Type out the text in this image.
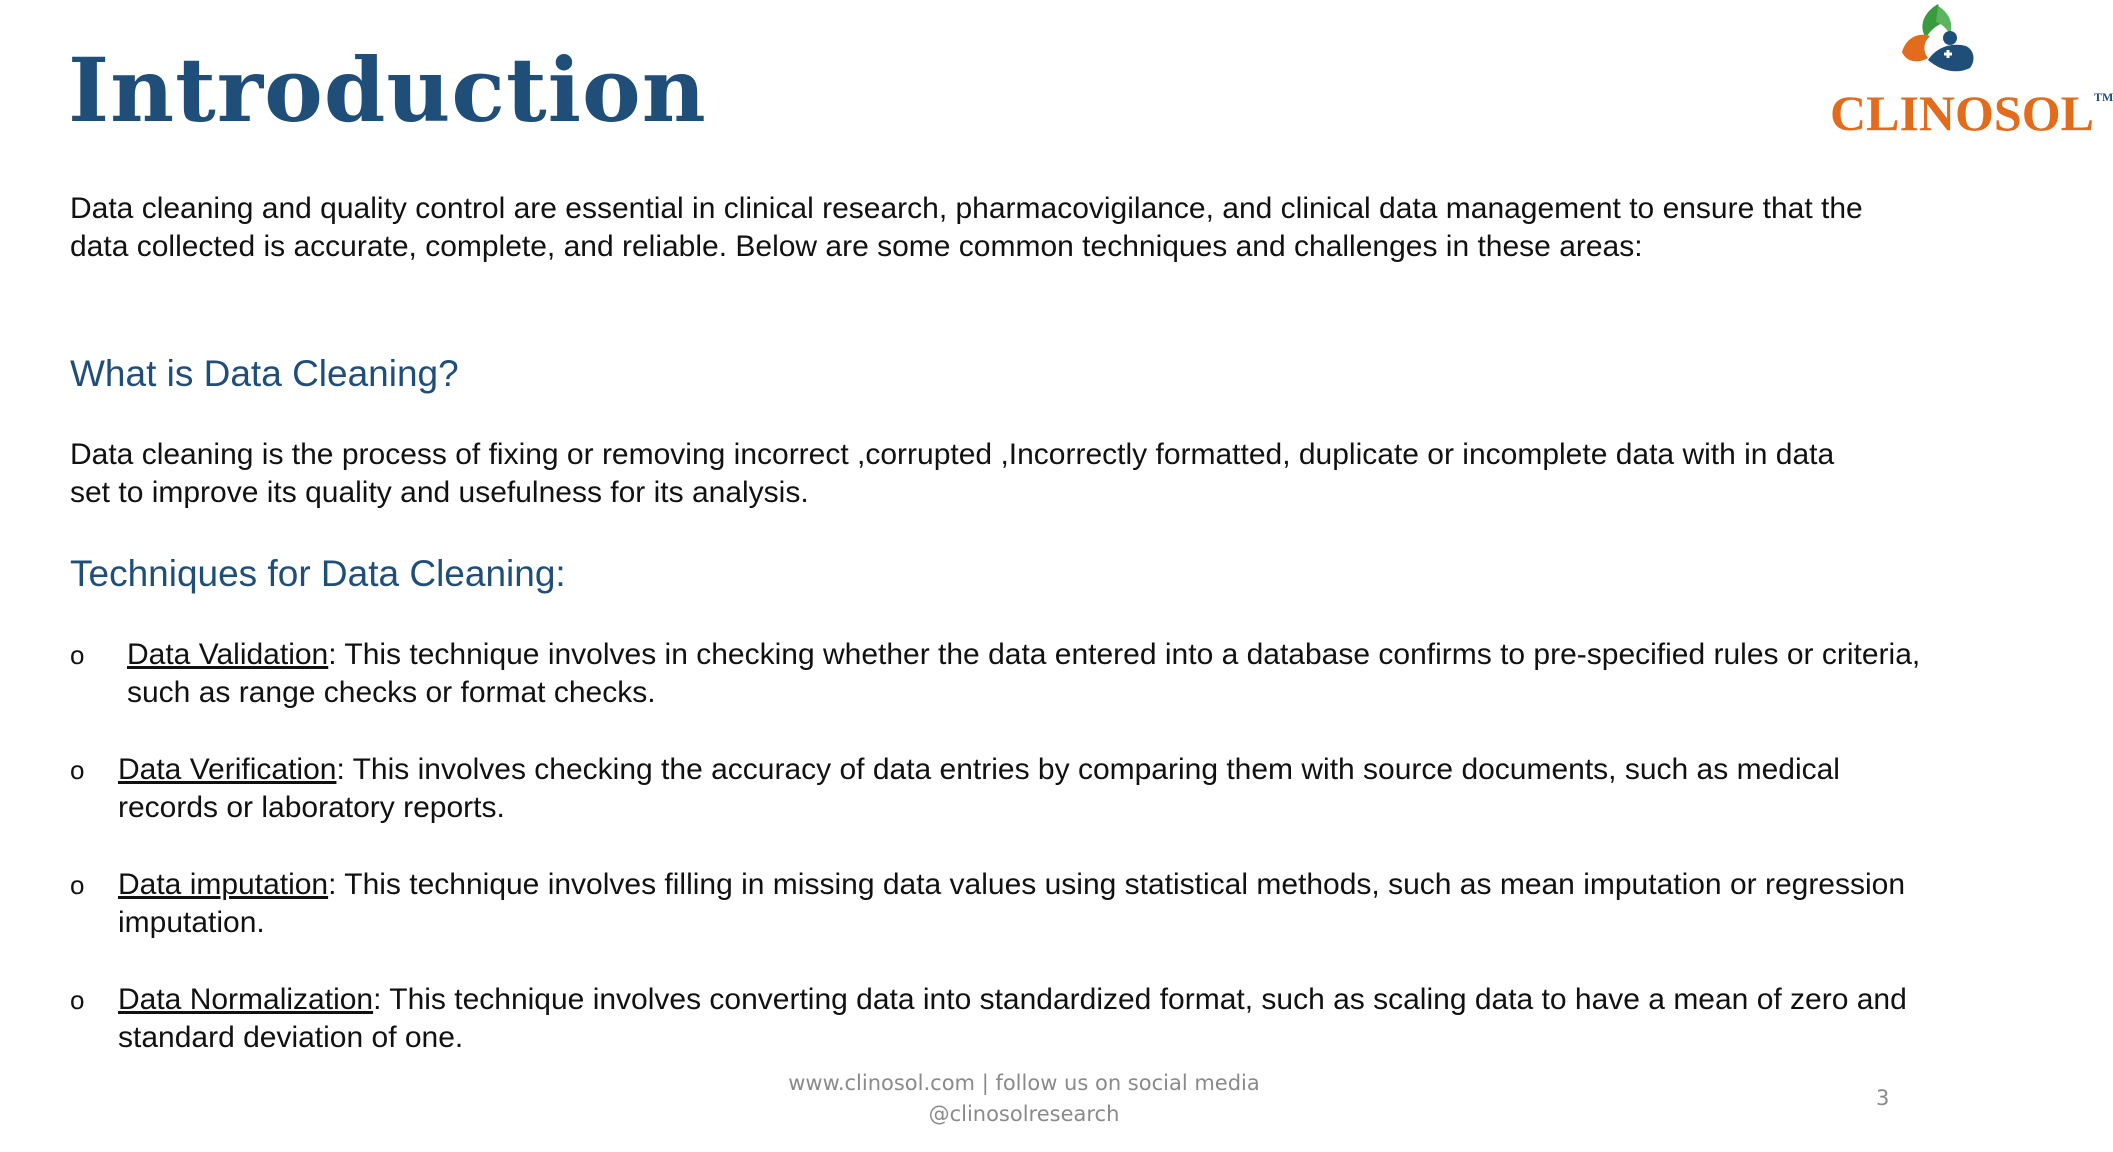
Introduction	CLINOSOL™

Data cleaning and quality control are essential in clinical research, pharmacovigilance, and clinical data management to ensure that the data collected is accurate, complete, and reliable. Below are some common techniques and challenges in these areas:

What is Data Cleaning?

Data cleaning is the process of fixing or removing incorrect ,corrupted ,Incorrectly formatted, duplicate or incomplete data with in data set to improve its quality and usefulness for its analysis.

Techniques for Data Cleaning:
o Data Validation: This technique involves in checking whether the data entered into a database confirms to pre-specified rules or criteria, such as range checks or format checks.
o Data Verification: This involves checking the accuracy of data entries by comparing them with source documents, such as medical records or laboratory reports.
o Data imputation: This technique involves filling in missing data values using statistical methods, such as mean imputation or regression imputation.
o Data Normalization: This technique involves converting data into standardized format, such as scaling data to have a mean of zero and standard deviation of one.
www.clinosol.com | follow us on social media
@clinosolresearch
3
